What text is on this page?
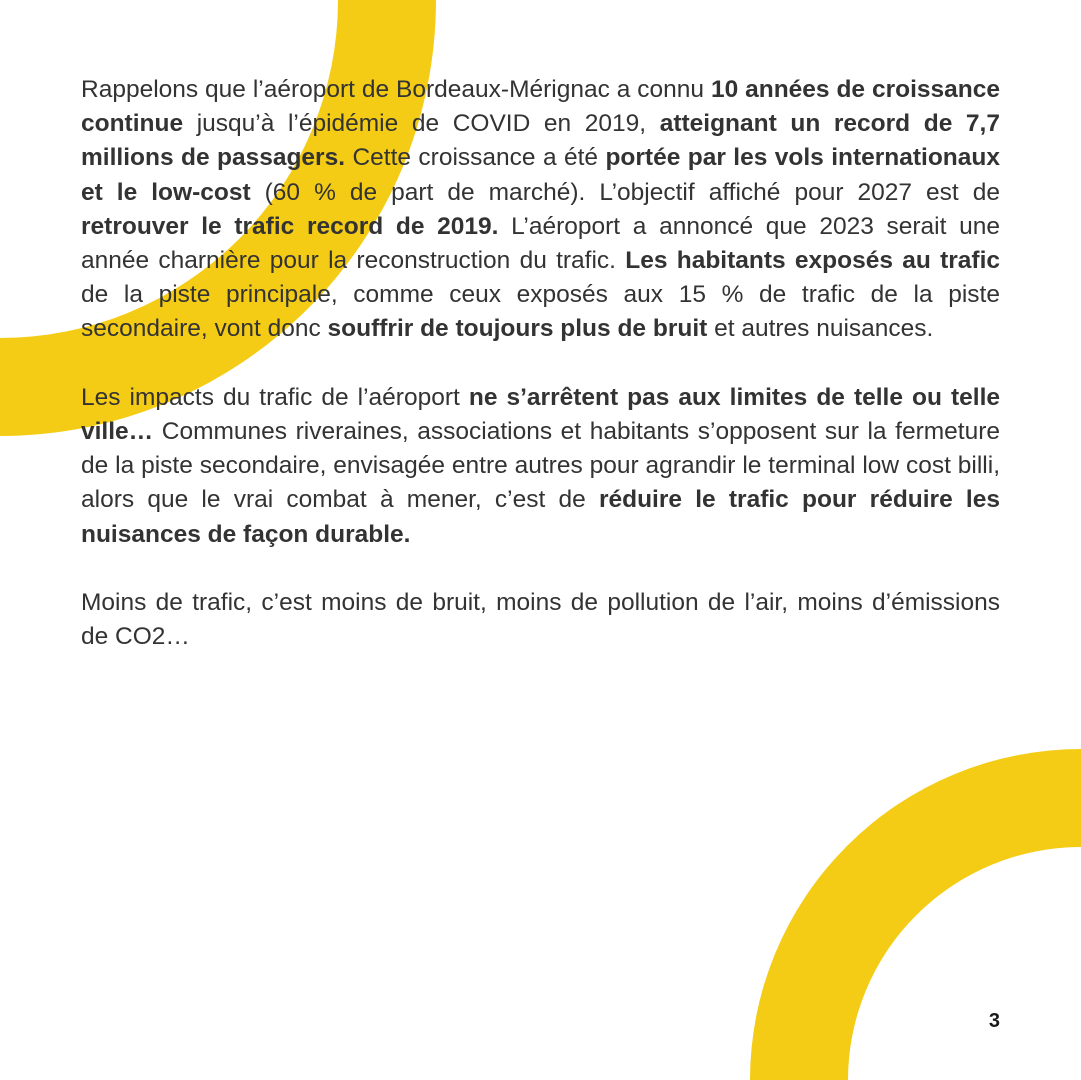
Rappelons que l’aéroport de Bordeaux-Mérignac a connu 10 années de croissance continue jusqu’à l’épidémie de COVID en 2019, atteignant un record de 7,7 millions de passagers. Cette croissance a été portée par les vols internationaux et le low-cost (60 % de part de marché). L’objectif affiché pour 2027 est de retrouver le trafic record de 2019. L’aéroport a annoncé que 2023 serait une année charnière pour la reconstruction du trafic. Les habitants exposés au trafic de la piste principale, comme ceux exposés aux 15 % de trafic de la piste secondaire, vont donc souffrir de toujours plus de bruit et autres nuisances.

Les impacts du trafic de l’aéroport ne s’arrêtent pas aux limites de telle ou telle ville… Communes riveraines, associations et habitants s’opposent sur la fermeture de la piste secondaire, envisagée entre autres pour agrandir le terminal low cost billi, alors que le vrai combat à mener, c’est de réduire le trafic pour réduire les nuisances de façon durable.

Moins de trafic, c’est moins de bruit, moins de pollution de l’air, moins d’émissions de CO2…

3
